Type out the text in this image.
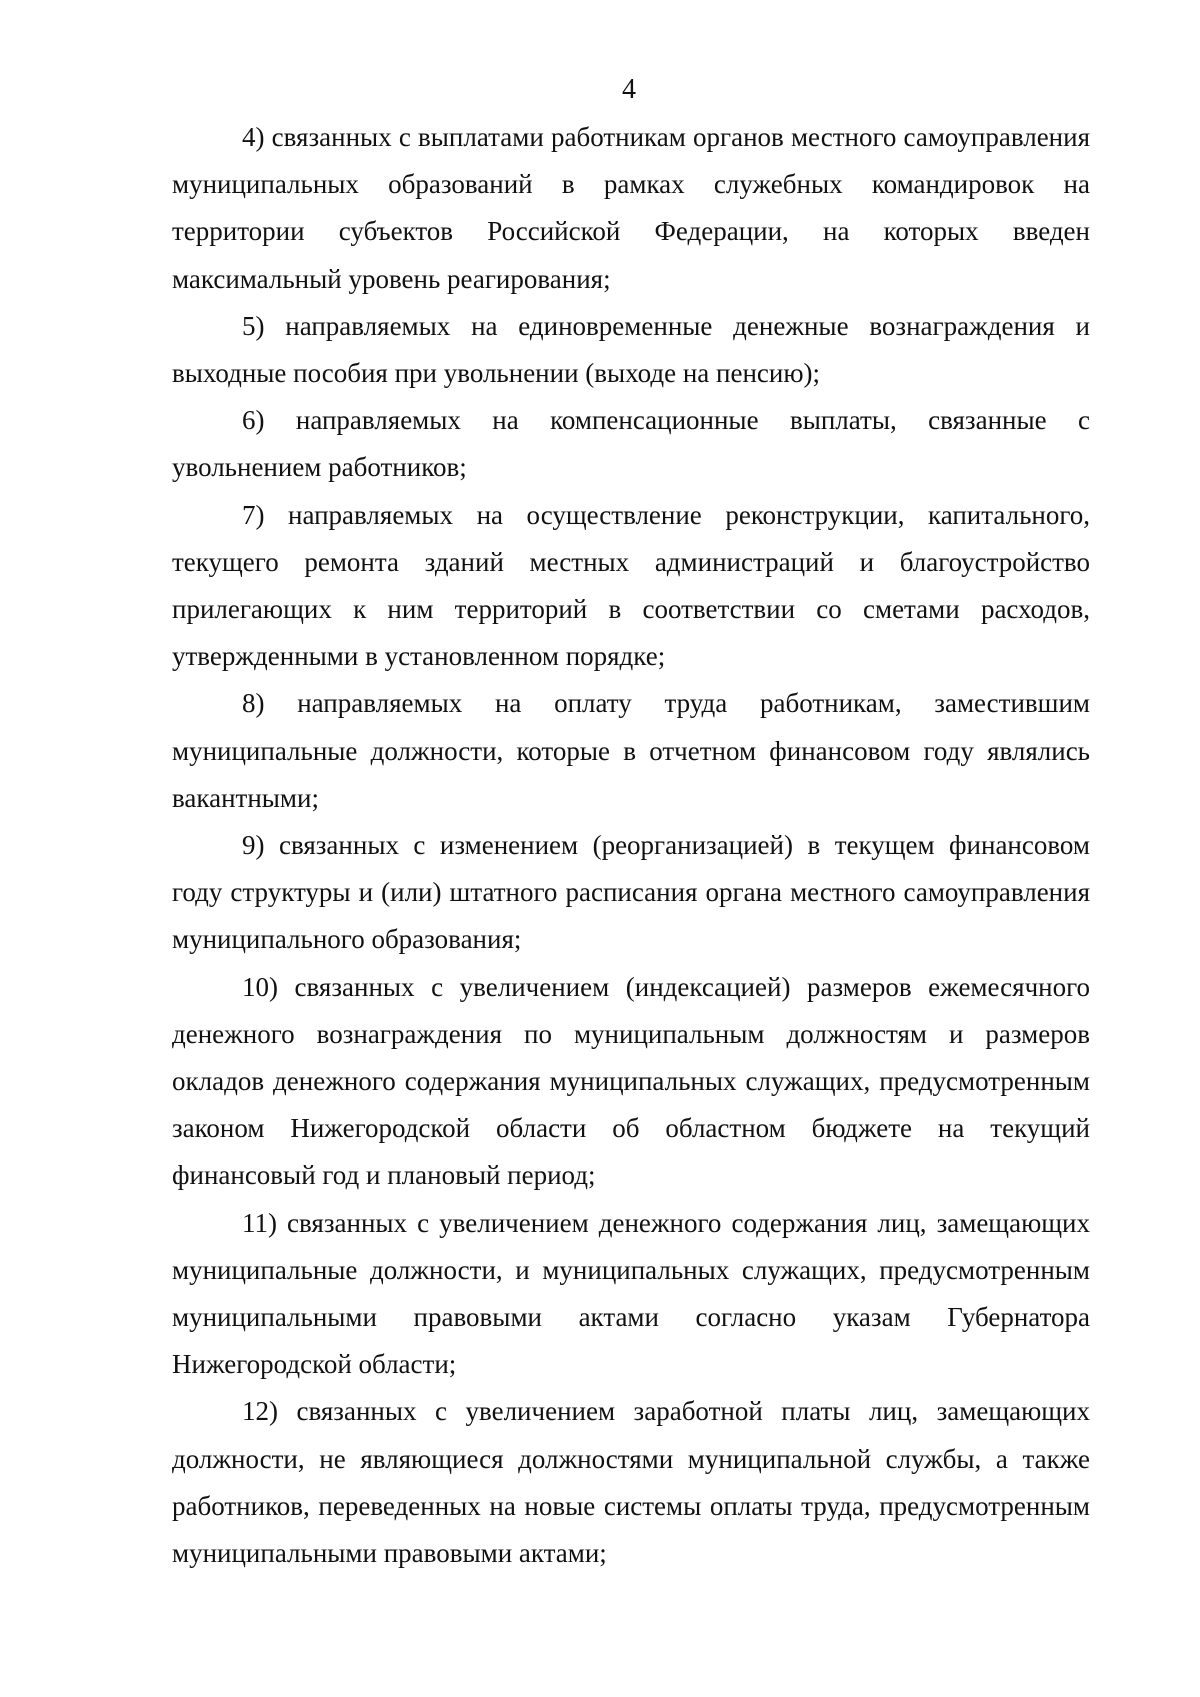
4

4) связанных с выплатами работникам органов местного самоуправления муниципальных образований в рамках служебных командировок на территории субъектов Российской Федерации, на которых введен максимальный уровень реагирования;

5) направляемых на единовременные денежные вознаграждения и выходные пособия при увольнении (выходе на пенсию);

6) направляемых на компенсационные выплаты, связанные с увольнением работников;

7) направляемых на осуществление реконструкции, капитального, текущего ремонта зданий местных администраций и благоустройство прилегающих к ним территорий в соответствии со сметами расходов, утвержденными в установленном порядке;

8) направляемых на оплату труда работникам, заместившим муниципальные должности, которые в отчетном финансовом году являлись вакантными;

9) связанных с изменением (реорганизацией) в текущем финансовом году структуры и (или) штатного расписания органа местного самоуправления муниципального образования;

10) связанных с увеличением (индексацией) размеров ежемесячного денежного вознаграждения по муниципальным должностям и размеров окладов денежного содержания муниципальных служащих, предусмотренным законом Нижегородской области об областном бюджете на текущий финансовый год и плановый период;

11) связанных с увеличением денежного содержания лиц, замещающих муниципальные должности, и муниципальных служащих, предусмотренным муниципальными правовыми актами согласно указам Губернатора Нижегородской области;

12) связанных с увеличением заработной платы лиц, замещающих должности, не являющиеся должностями муниципальной службы, а также работников, переведенных на новые системы оплаты труда, предусмотренным муниципальными правовыми актами;
